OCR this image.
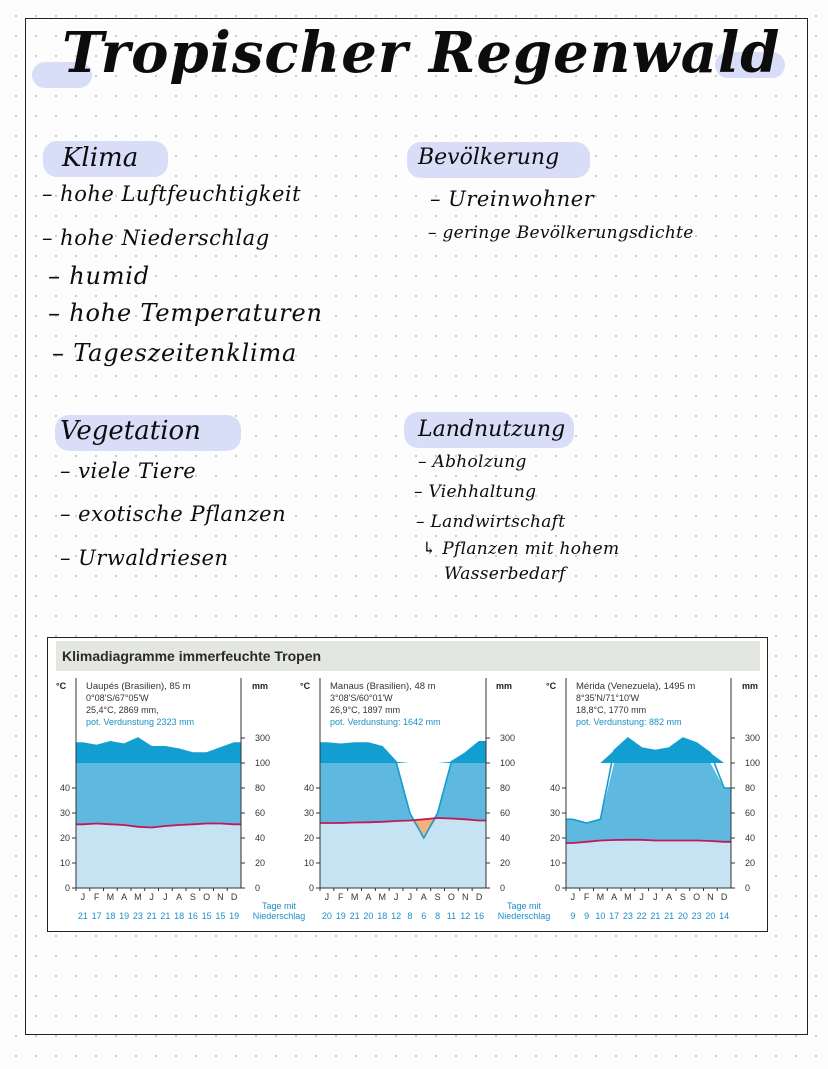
Tropischer Regenwald
Klima
– hohe Luftfeuchtigkeit
– hohe Niederschlag
– humid
– hohe Temperaturen
– Tageszeitenklima
Bevölkerung
– Ureinwohner
– geringe Bevölkerungsdichte
Vegetation
– viele Tiere
– exotische Pflanzen
– Urwaldriesen
Landnutzung
– Abholzung
– Viehhaltung
– Landwirtschaft
↳ Pflanzen mit hohem
Wasserbedarf
Klimadiagramme immerfeuchte Tropen
°C	mm
Uaupés (Brasilien), 85 m
0°08'S/67°05'W
25,4°C, 2869 mm,
pot. Verdunstung 2323 mm
0
10
20
30
40
0
20
40
60
80
100
300
J
21
F
17
M
18
A
19
M
23
J
21
J
21
A
18
S
16
O
15
N
15
D
19
Tage mit
Niederschlag
°C	mm
Manaus (Brasilien), 48 m
3°08'S/60°01'W
26,9°C, 1897 mm
pot. Verdunstung: 1642 mm
0
10
20
30
40
0
20
40
60
80
100
300
J
20
F
19
M
21
A
20
M
18
J
12
J
8
A
6
S
8
O
11
N
12
D
16
Tage mit
Niederschlag
°C	mm
Mérida (Venezuela), 1495 m
8°35'N/71°10'W
18,8°C, 1770 mm
pot. Verdunstung: 882 mm
0
10
20
30
40
0
20
40
60
80
100
300
J
9
F
9
M
10
A
17
M
23
J
22
J
21
A
21
S
20
O
23
N
20
D
14
